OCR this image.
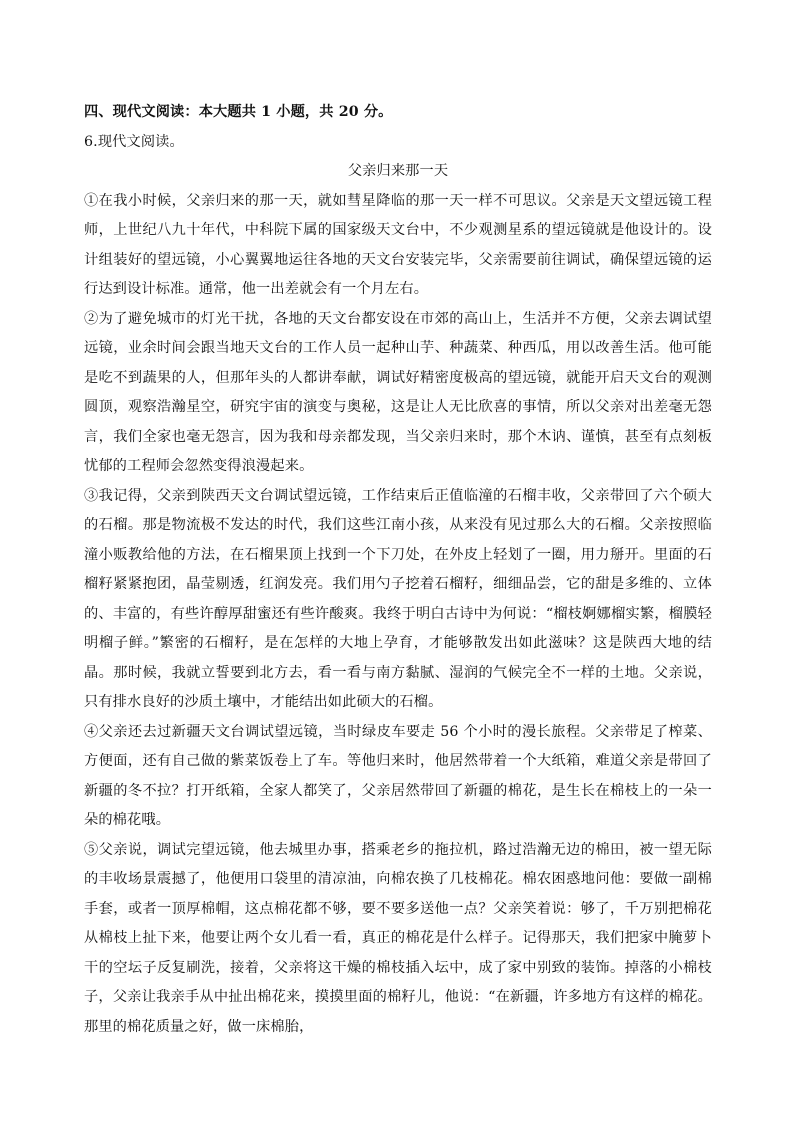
四、现代文阅读：本大题共 1 小题，共 20 分。

6.现代文阅读。

父亲归来那一天

①在我小时候，父亲归来的那一天，就如彗星降临的那一天一样不可思议。父亲是天文望远镜工程师，上世纪八九十年代，中科院下属的国家级天文台中，不少观测星系的望远镜就是他设计的。设计组装好的望远镜，小心翼翼地运往各地的天文台安装完毕，父亲需要前往调试，确保望远镜的运行达到设计标准。通常，他一出差就会有一个月左右。

②为了避免城市的灯光干扰，各地的天文台都安设在市郊的高山上，生活并不方便，父亲去调试望远镜，业余时间会跟当地天文台的工作人员一起种山芋、种蔬菜、种西瓜，用以改善生活。他可能是吃不到蔬果的人，但那年头的人都讲奉献，调试好精密度极高的望远镜，就能开启天文台的观测圆顶，观察浩瀚星空，研究宇宙的演变与奥秘，这是让人无比欣喜的事情，所以父亲对出差毫无怨言，我们全家也毫无怨言，因为我和母亲都发现，当父亲归来时，那个木讷、谨慎，甚至有点刻板忧郁的工程师会忽然变得浪漫起来。

③我记得，父亲到陕西天文台调试望远镜，工作结束后正值临潼的石榴丰收，父亲带回了六个硕大的石榴。那是物流极不发达的时代，我们这些江南小孩，从来没有见过那么大的石榴。父亲按照临潼小贩教给他的方法，在石榴果顶上找到一个下刀处，在外皮上轻划了一圈，用力掰开。里面的石榴籽紧紧抱团，晶莹剔透，红润发亮。我们用勺子挖着石榴籽，细细品尝，它的甜是多维的、立体的、丰富的，有些许醇厚甜蜜还有些许酸爽。我终于明白古诗中为何说：“榴枝婀娜榴实繁，榴膜轻明榴子鲜。”繁密的石榴籽，是在怎样的大地上孕育，才能够散发出如此滋味？这是陕西大地的结晶。那时候，我就立誓要到北方去，看一看与南方黏腻、湿润的气候完全不一样的土地。父亲说，只有排水良好的沙质土壤中，才能结出如此硕大的石榴。

④父亲还去过新疆天文台调试望远镜，当时绿皮车要走 56 个小时的漫长旅程。父亲带足了榨菜、方便面，还有自己做的紫菜饭卷上了车。等他归来时，他居然带着一个大纸箱，难道父亲是带回了新疆的冬不拉？打开纸箱，全家人都笑了，父亲居然带回了新疆的棉花，是生长在棉枝上的一朵一朵的棉花哦。

⑤父亲说，调试完望远镜，他去城里办事，搭乘老乡的拖拉机，路过浩瀚无边的棉田，被一望无际的丰收场景震撼了，他便用口袋里的清凉油，向棉农换了几枝棉花。棉农困惑地问他：要做一副棉手套，或者一顶厚棉帽，这点棉花都不够，要不要多送他一点？父亲笑着说：够了，千万别把棉花从棉枝上扯下来，他要让两个女儿看一看，真正的棉花是什么样子。记得那天，我们把家中腌萝卜干的空坛子反复刷洗，接着，父亲将这干燥的棉枝插入坛中，成了家中别致的装饰。掉落的小棉枝子，父亲让我亲手从中扯出棉花来，摸摸里面的棉籽儿，他说：“在新疆，许多地方有这样的棉花。那里的棉花质量之好，做一床棉胎，
